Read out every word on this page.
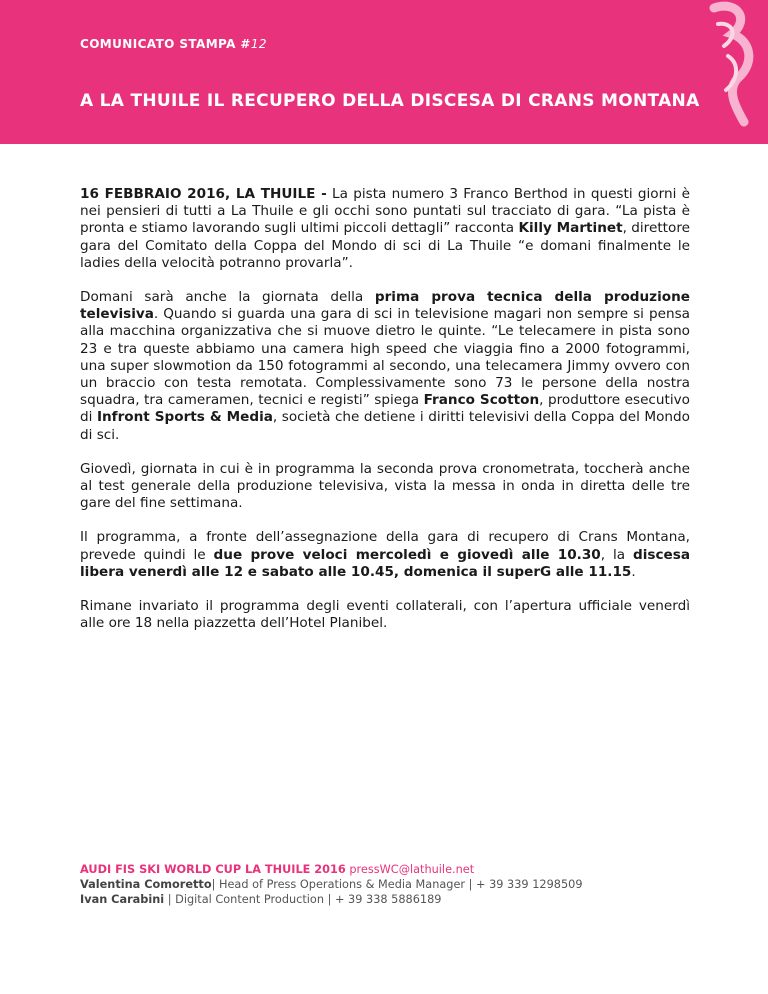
COMUNICATO STAMPA #12
A LA THUILE IL RECUPERO DELLA DISCESA DI CRANS MONTANA

16 FEBBRAIO 2016, LA THUILE - La pista numero 3 Franco Berthod in questi giorni è nei pensieri di tutti a La Thuile e gli occhi sono puntati sul tracciato di gara. “La pista è pronta e stiamo lavorando sugli ultimi piccoli dettagli” racconta Killy Martinet, direttore gara del Comitato della Coppa del Mondo di sci di La Thuile “e domani finalmente le ladies della velocità potranno provarla”.

Domani sarà anche la giornata della prima prova tecnica della produzione televisiva. Quando si guarda una gara di sci in televisione magari non sempre si pensa alla macchina organizzativa che si muove dietro le quinte. “Le telecamere in pista sono 23 e tra queste abbiamo una camera high speed che viaggia fino a 2000 fotogrammi, una super slowmotion da 150 fotogrammi al secondo, una telecamera Jimmy ovvero con un braccio con testa remotata. Complessivamente sono 73 le persone della nostra squadra, tra cameramen, tecnici e registi” spiega Franco Scotton, produttore esecutivo di Infront Sports & Media, società che detiene i diritti televisivi della Coppa del Mondo di sci.

Giovedì, giornata in cui è in programma la seconda prova cronometrata, toccherà anche al test generale della produzione televisiva, vista la messa in onda in diretta delle tre gare del fine settimana.

Il programma, a fronte dell’assegnazione della gara di recupero di Crans Montana, prevede quindi le due prove veloci mercoledì e giovedì alle 10.30, la discesa libera venerdì alle 12 e sabato alle 10.45, domenica il superG alle 11.15.

Rimane invariato il programma degli eventi collaterali, con l’apertura ufficiale venerdì alle ore 18 nella piazzetta dell’Hotel Planibel.

AUDI FIS SKI WORLD CUP LA THUILE 2016 pressWC@lathuile.net
Valentina Comoretto| Head of Press Operations & Media Manager | + 39 339 1298509
Ivan Carabini | Digital Content Production | + 39 338 5886189
